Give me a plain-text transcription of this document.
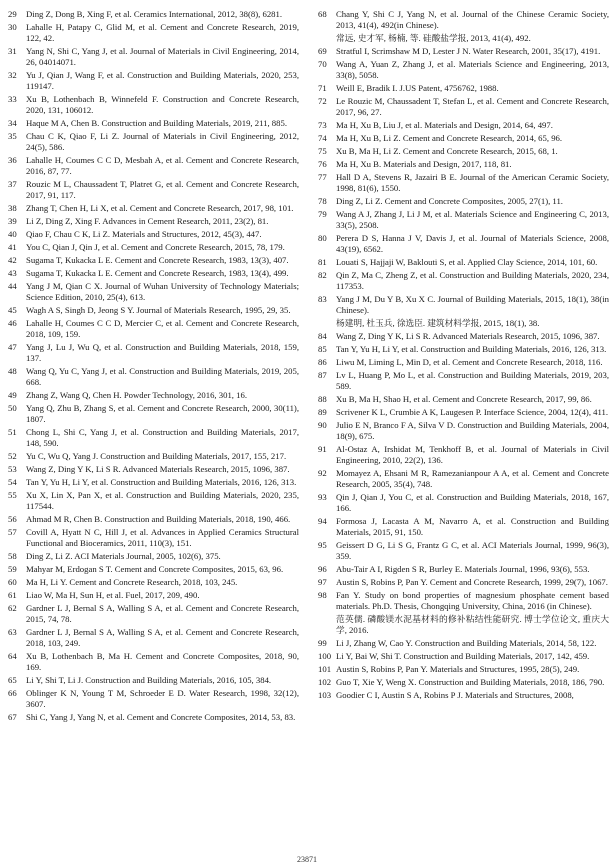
29	Ding Z, Dong B, Xing F, et al. Ceramics International, 2012, 38(8), 6281.
30	Lahalle H, Patapy C, Glid M, et al. Cement and Concrete Research, 2019, 122, 42.
31	Yang N, Shi C, Yang J, et al. Journal of Materials in Civil Engineering, 2014, 26, 04014071.
32	Yu J, Qian J, Wang F, et al. Construction and Building Materials, 2020, 253, 119147.
33	Xu B, Lothenbach B, Winnefeld F. Construction and Concrete Research, 2020, 131, 106012.
34	Haque M A, Chen B. Construction and Building Materials, 2019, 211, 885.
35	Chau C K, Qiao F, Li Z. Journal of Materials in Civil Engineering, 2012, 24(5), 586.
36	Lahalle H, Coumes C C D, Mesbah A, et al. Cement and Concrete Research, 2016, 87, 77.
37	Rouzic M L, Chaussadent T, Platret G, et al. Cement and Concrete Research, 2017, 91, 117.
38	Zhang T, Chen H, Li X, et al. Cement and Concrete Research, 2017, 98, 101.
39	Li Z, Ding Z, Xing F. Advances in Cement Research, 2011, 23(2), 81.
40	Qiao F, Chau C K, Li Z. Materials and Structures, 2012, 45(3), 447.
41	You C, Qian J, Qin J, et al. Cement and Concrete Research, 2015, 78, 179.
42	Sugama T, Kukacka L E. Cement and Concrete Research, 1983, 13(3), 407.
43	Sugama T, Kukacka L E. Cement and Concrete Research, 1983, 13(4), 499.
44	Yang J M, Qian C X. Journal of Wuhan University of Technology Materials; Science Edition, 2010, 25(4), 613.
45	Wagh A S, Singh D, Jeong S Y. Journal of Materials Research, 1995, 29, 35.
46	Lahalle H, Coumes C C D, Mercier C, et al. Cement and Concrete Research, 2018, 109, 159.
47	Yang J, Lu J, Wu Q, et al. Construction and Building Materials, 2018, 159, 137.
48	Wang Q, Yu C, Yang J, et al. Construction and Building Materials, 2019, 205, 668.
49	Zhang Z, Wang Q, Chen H. Powder Technology, 2016, 301, 16.
50	Yang Q, Zhu B, Zhang S, et al. Cement and Concrete Research, 2000, 30(11), 1807.
51	Chong L, Shi C, Yang J, et al. Construction and Building Materials, 2017, 148, 590.
52	Yu C, Wu Q, Yang J. Construction and Building Materials, 2017, 155, 217.
53	Wang Z, Ding Y K, Li S R. Advanced Materials Research, 2015, 1096, 387.
54	Tan Y, Yu H, Li Y, et al. Construction and Building Materials, 2016, 126, 313.
55	Xu X, Lin X, Pan X, et al. Construction and Building Materials, 2020, 235, 117544.
56	Ahmad M R, Chen B. Construction and Building Materials, 2018, 190, 466.
57	Covill A, Hyatt N C, Hill J, et al. Advances in Applied Ceramics Structural Functional and Bioceramics, 2011, 110(3), 151.
58	Ding Z, Li Z. ACI Materials Journal, 2005, 102(6), 375.
59	Mahyar M, Erdogan S T. Cement and Concrete Composites, 2015, 63, 96.
60	Ma H, Li Y. Cement and Concrete Research, 2018, 103, 245.
61	Liao W, Ma H, Sun H, et al. Fuel, 2017, 209, 490.
62	Gardner L J, Bernal S A, Walling S A, et al. Cement and Concrete Research, 2015, 74, 78.
63	Gardner L J, Bernal S A, Walling S A, et al. Cement and Concrete Research, 2018, 103, 249.
64	Xu B, Lothenbach B, Ma H. Cement and Concrete Composites, 2018, 90, 169.
65	Li Y, Shi T, Li J. Construction and Building Materials, 2016, 105, 384.
66	Oblinger K N, Young T M, Schroeder E D. Water Research, 1998, 32(12), 3607.
67	Shi C, Yang J, Yang N, et al. Cement and Concrete Composites, 2014, 53, 83.
68	Chang Y, Shi C J, Yang N, et al. Journal of the Chinese Ceramic Society, 2013, 41(4), 492(in Chinese).
常远, 史才军, 杨楠, 等. 硅酸盐学报, 2013, 41(4), 492.
69	Stratful I, Scrimshaw M D, Lester J N. Water Research, 2001, 35(17), 4191.
70	Wang A, Yuan Z, Zhang J, et al. Materials Science and Engineering, 2013, 33(8), 5058.
71	Weill E, Bradik I. J.US Patent, 4756762, 1988.
72	Le Rouzic M, Chaussadent T, Stefan L, et al. Cement and Concrete Research, 2017, 96, 27.
73	Ma H, Xu B, Liu J, et al. Materials and Design, 2014, 64, 497.
74	Ma H, Xu B, Li Z. Cement and Concrete Research, 2014, 65, 96.
75	Xu B, Ma H, Li Z. Cement and Concrete Research, 2015, 68, 1.
76	Ma H, Xu B. Materials and Design, 2017, 118, 81.
77	Hall D A, Stevens R, Jazairi B E. Journal of the American Ceramic Society, 1998, 81(6), 1550.
78	Ding Z, Li Z. Cement and Concrete Composites, 2005, 27(1), 11.
79	Wang A J, Zhang J, Li J M, et al. Materials Science and Engineering C, 2013, 33(5), 2508.
80	Perera D S, Hanna J V, Davis J, et al. Journal of Materials Science, 2008, 43(19), 6562.
81	Louati S, Hajjaji W, Baklouti S, et al. Applied Clay Science, 2014, 101, 60.
82	Qin Z, Ma C, Zheng Z, et al. Construction and Building Materials, 2020, 234, 117353.
83	Yang J M, Du Y B, Xu X C. Journal of Building Materials, 2015, 18(1), 38(in Chinese).
杨建明, 杜玉兵, 徐选臣. 建筑材料学报, 2015, 18(1), 38.
84	Wang Z, Ding Y K, Li S R. Advanced Materials Research, 2015, 1096, 387.
85	Tan Y, Yu H, Li Y, et al. Construction and Building Materials, 2016, 126, 313.
86	Liwu M, Liming L, Min D, et al. Cement and Concrete Research, 2018, 116.
87	Lv L, Huang P, Mo L, et al. Construction and Building Materials, 2019, 203, 589.
88	Xu B, Ma H, Shao H, et al. Cement and Concrete Research, 2017, 99, 86.
89	Scrivener K L, Crumbie A K, Laugesen P. Interface Science, 2004, 12(4), 411.
90	Julio E N, Branco F A, Silva V D. Construction and Building Materials, 2004, 18(9), 675.
91	Al-Ostaz A, Irshidat M, Tenkhoff B, et al. Journal of Materials in Civil Engineering, 2010, 22(2), 136.
92	Momayez A, Ehsani M R, Ramezanianpour A A, et al. Cement and Concrete Research, 2005, 35(4), 748.
93	Qin J, Qian J, You C, et al. Construction and Building Materials, 2018, 167, 166.
94	Formosa J, Lacasta A M, Navarro A, et al. Construction and Building Materials, 2015, 91, 150.
95	Geissert D G, Li S G, Frantz G C, et al. ACI Materials Journal, 1999, 96(3), 359.
96	Abu-Tair A I, Rigden S R, Burley E. Materials Journal, 1996, 93(6), 553.
97	Austin S, Robins P, Pan Y. Cement and Concrete Research, 1999, 29(7), 1067.
98	Fan Y. Study on bond properties of magnesium phosphate cement based materials. Ph.D. Thesis, Chongqing University, China, 2016 (in Chinese).
范英儒. 磷酸镁水泥基材料的修补粘结性能研究. 博士学位论文, 重庆大学, 2016.
99	Li J, Zhang W, Cao Y. Construction and Building Materials, 2014, 58, 122.
100 Li Y, Bai W, Shi T. Construction and Building Materials, 2017, 142, 459.
101 Austin S, Robins P, Pan Y. Materials and Structures, 1995, 28(5), 249.
102 Guo T, Xie Y, Weng X. Construction and Building Materials, 2018, 186, 790.
103 Goodier C I, Austin S A, Robins P J. Materials and Structures, 2008,
23871
